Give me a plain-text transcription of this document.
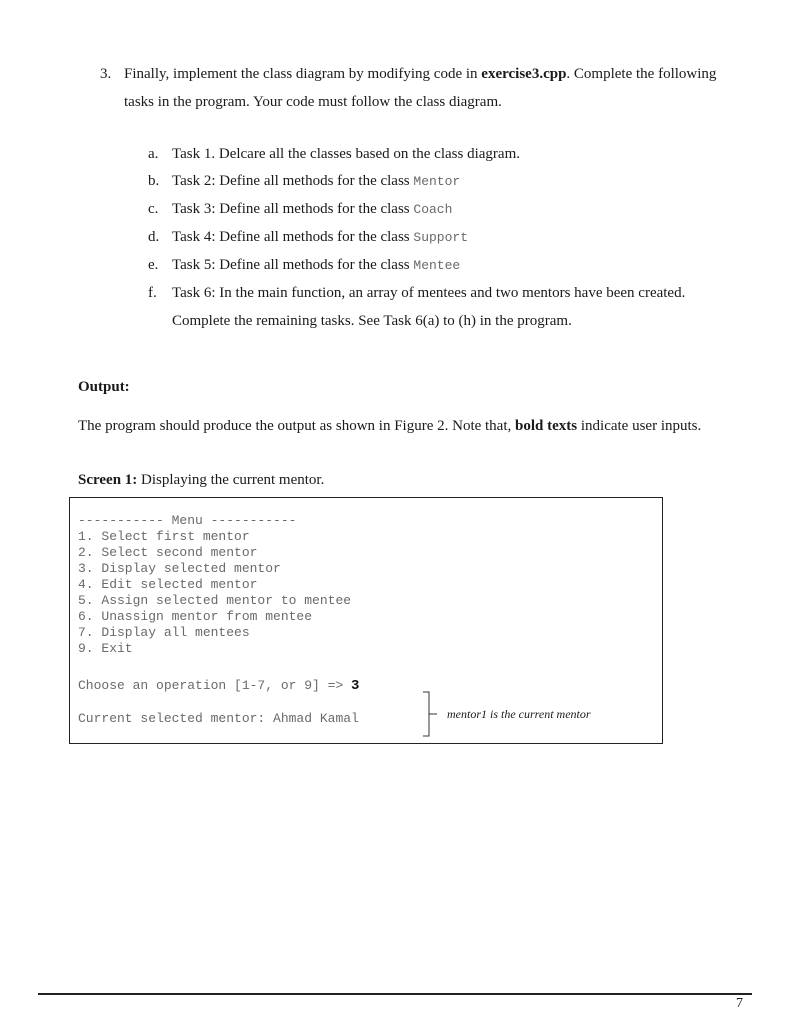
3. Finally, implement the class diagram by modifying code in exercise3.cpp. Complete the following
tasks in the program. Your code must follow the class diagram.
a. Task 1. Delcare all the classes based on the class diagram.
b. Task 2: Define all methods for the class Mentor
c. Task 3: Define all methods for the class Coach
d. Task 4: Define all methods for the class Support
e. Task 5: Define all methods for the class Mentee
f. Task 6: In the main function, an array of mentees and two mentors have been created.
Complete the remaining tasks. See Task 6(a) to (h) in the program.
Output:
The program should produce the output as shown in Figure 2. Note that, bold texts indicate user inputs.
Screen 1: Displaying the current mentor.
----------- Menu -----------
1. Select first mentor
2. Select second mentor
3. Display selected mentor
4. Edit selected mentor
5. Assign selected mentor to mentee
6. Unassign mentor from mentee
7. Display all mentees
9. Exit
Choose an operation [1-7, or 9] => 3
Current selected mentor: Ahmad Kamal	mentor1 is the current mentor
7
